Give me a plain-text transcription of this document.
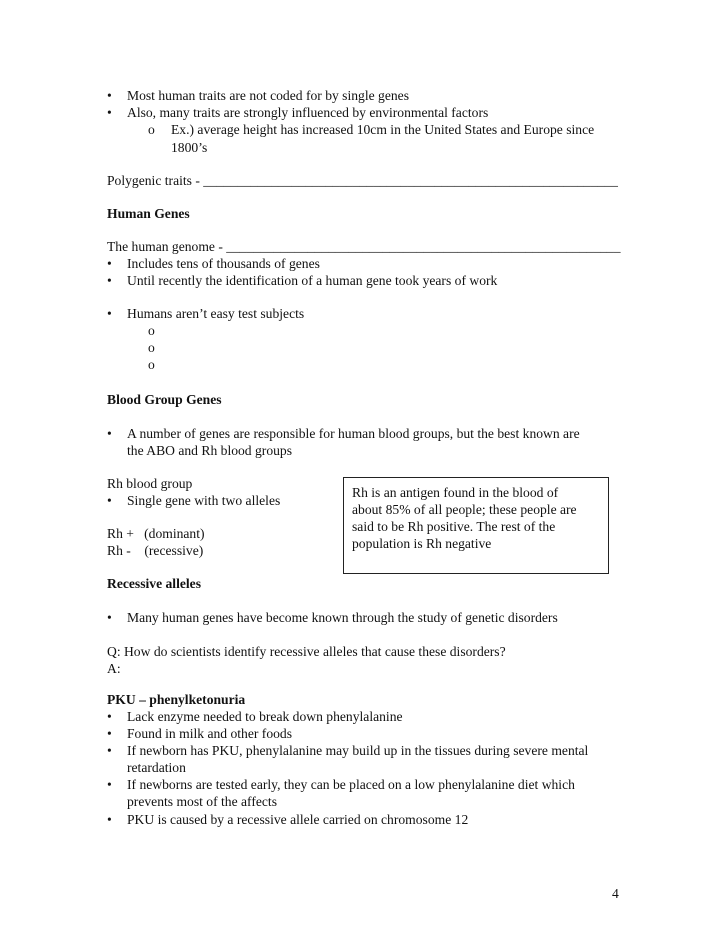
•	Most human traits are not coded for by single genes
•	Also, many traits are strongly influenced by environmental factors
o Ex.) average height has increased 10cm in the United States and Europe since
1800’s
Polygenic traits - _____________________________________________________________
Human Genes
The human genome - __________________________________________________________
•	Includes tens of thousands of genes
•	Until recently the identification of a human gene took years of work
•	Humans aren’t easy test subjects
o
o
o
Blood Group Genes
•	A number of genes are responsible for human blood groups, but the best known are
the ABO and Rh blood groups
Rh blood group
•	Single gene with two alleles
Rh +   (dominant)
Rh -    (recessive)
Rh is an antigen found in the blood of
about 85% of all people; these people are
said to be Rh positive. The rest of the
population is Rh negative
Recessive alleles
•	Many human genes have become known through the study of genetic disorders
Q: How do scientists identify recessive alleles that cause these disorders?
A:
PKU – phenylketonuria
•	Lack enzyme needed to break down phenylalanine
•	Found in milk and other foods
•	If newborn has PKU, phenylalanine may build up in the tissues during severe mental
retardation
•	If newborns are tested early, they can be placed on a low phenylalanine diet which
prevents most of the affects
•	PKU is caused by a recessive allele carried on chromosome 12
4
